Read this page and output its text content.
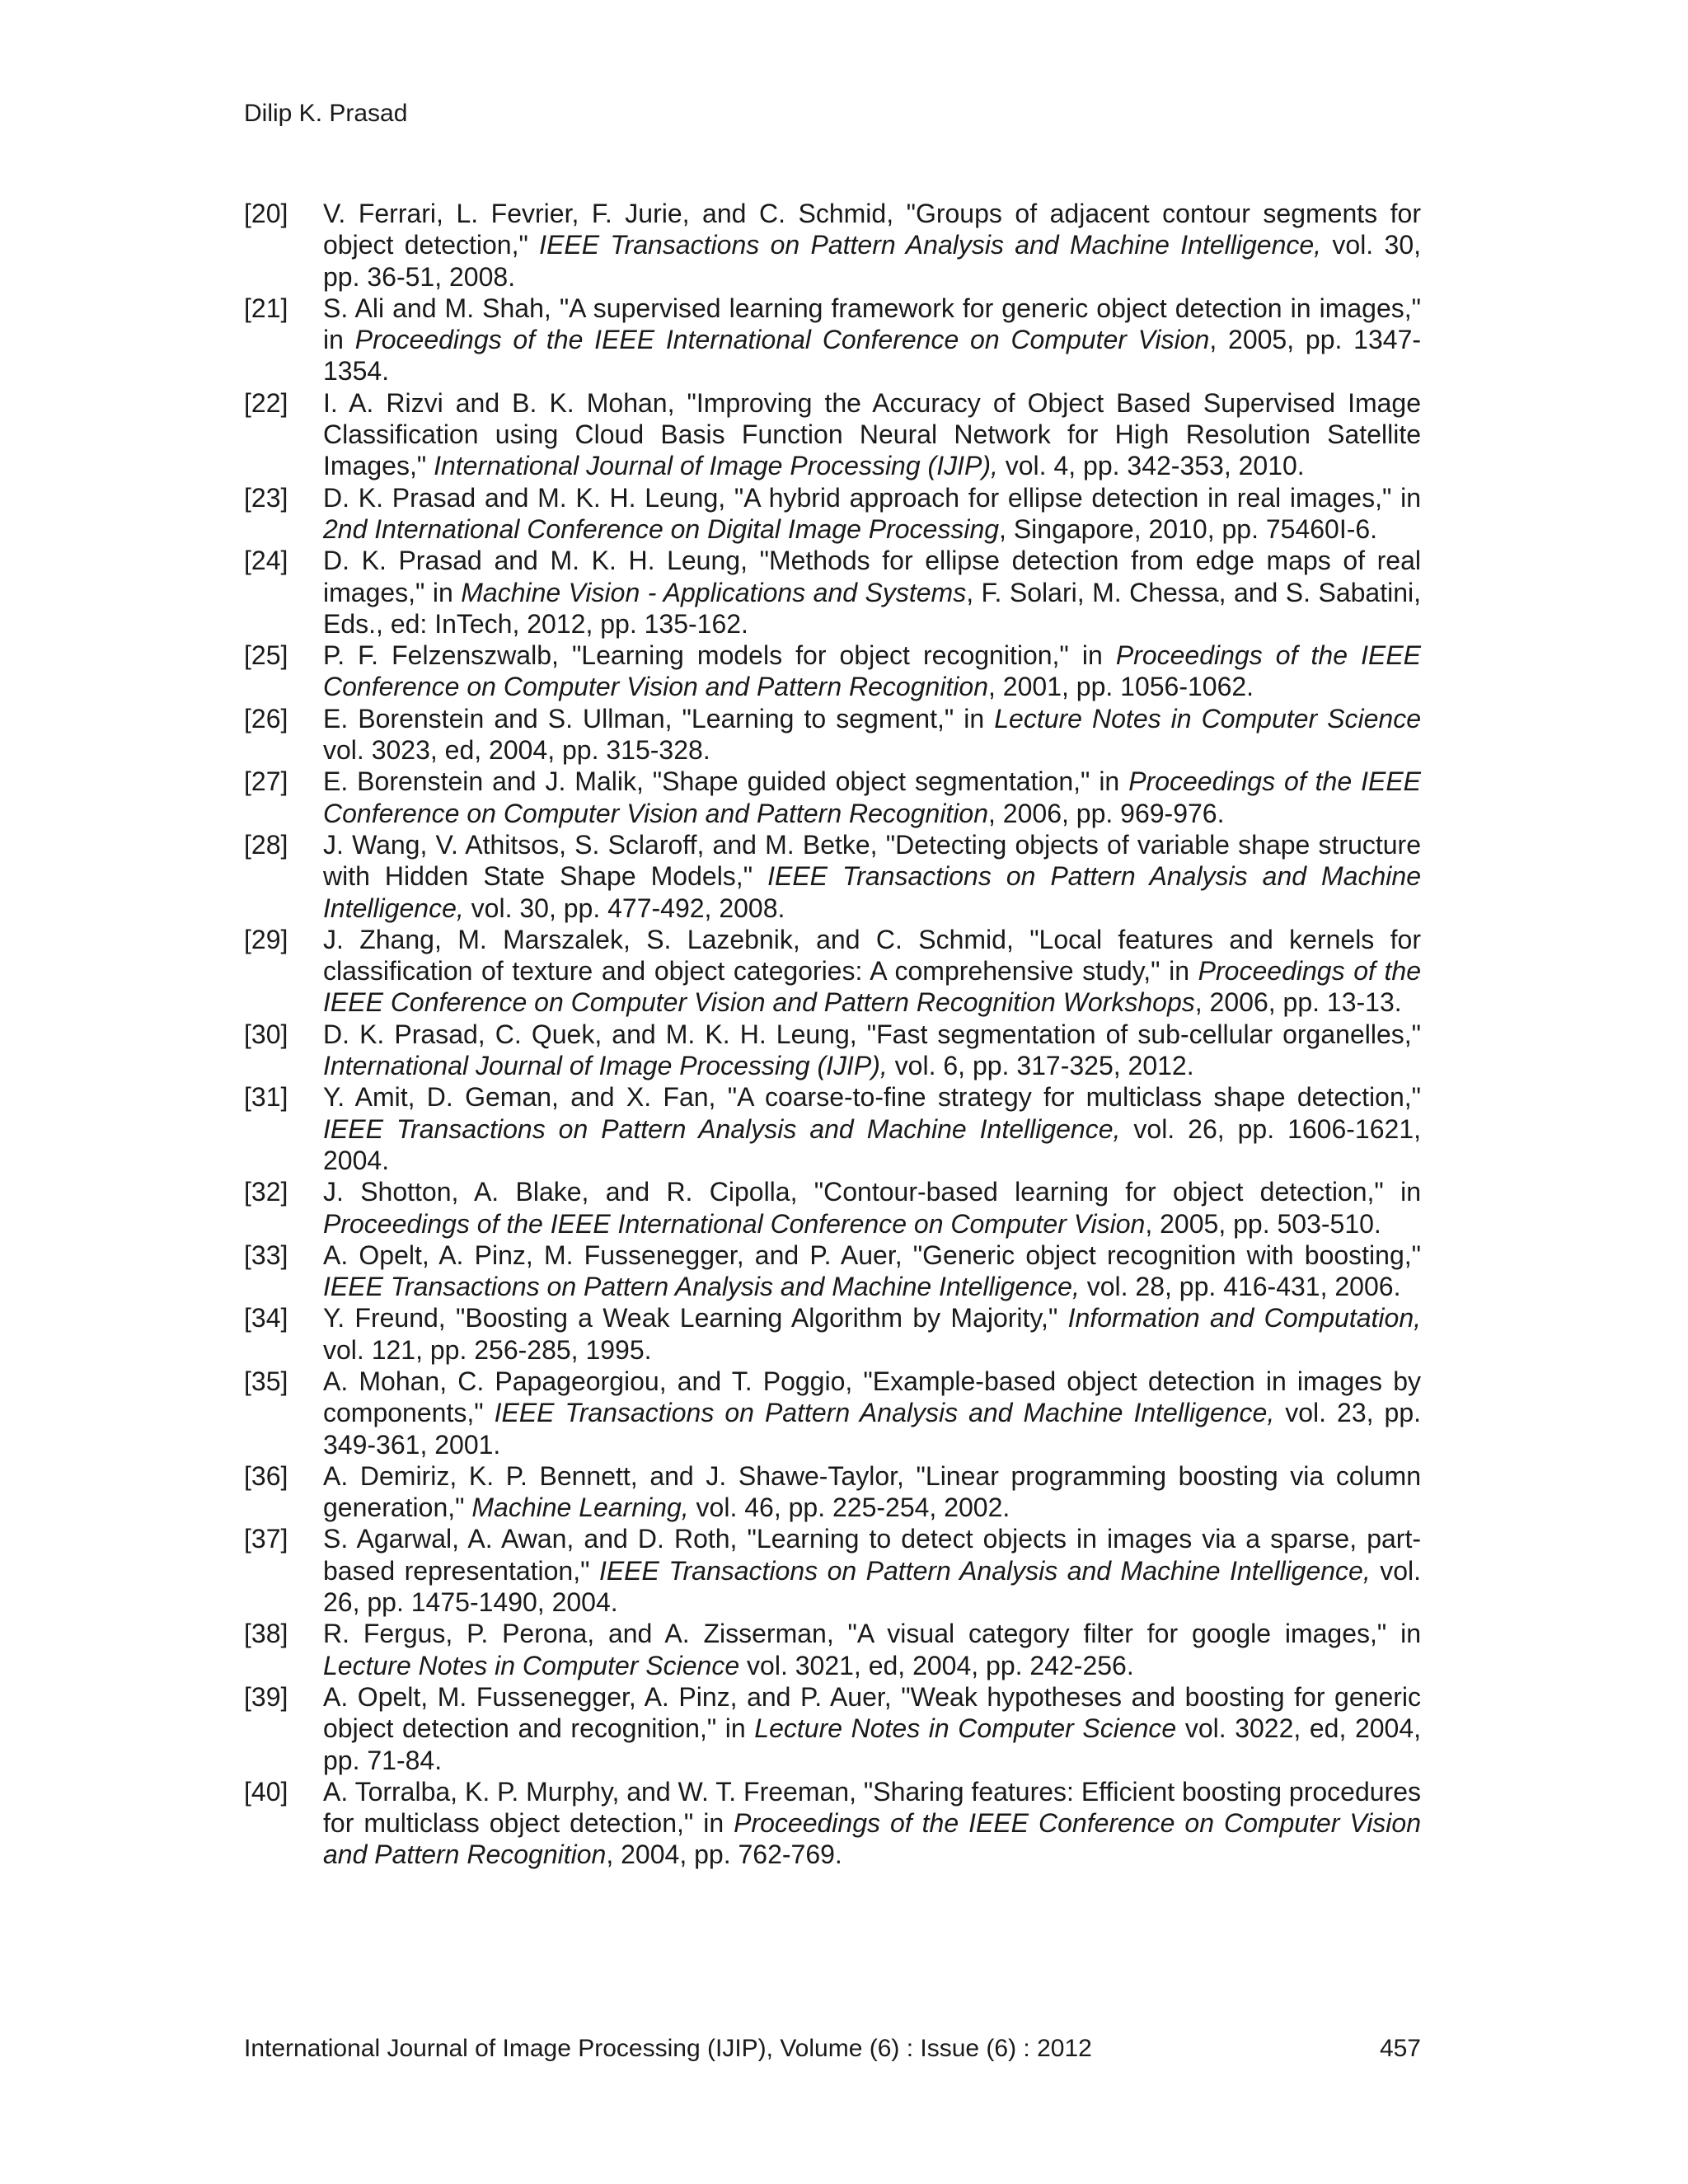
Dilip K. Prasad
[20]	V. Ferrari, L. Fevrier, F. Jurie, and C. Schmid, "Groups of adjacent contour segments for object detection," IEEE Transactions on Pattern Analysis and Machine Intelligence, vol. 30, pp. 36-51, 2008.
[21]	S. Ali and M. Shah, "A supervised learning framework for generic object detection in images," in Proceedings of the IEEE International Conference on Computer Vision, 2005, pp. 1347-1354.
[22]	I. A. Rizvi and B. K. Mohan, "Improving the Accuracy of Object Based Supervised Image Classification using Cloud Basis Function Neural Network for High Resolution Satellite Images," International Journal of Image Processing (IJIP), vol. 4, pp. 342-353, 2010.
[23]	D. K. Prasad and M. K. H. Leung, "A hybrid approach for ellipse detection in real images," in 2nd International Conference on Digital Image Processing, Singapore, 2010, pp. 75460I-6.
[24]	D. K. Prasad and M. K. H. Leung, "Methods for ellipse detection from edge maps of real images," in Machine Vision - Applications and Systems, F. Solari, M. Chessa, and S. Sabatini, Eds., ed: InTech, 2012, pp. 135-162.
[25]	P. F. Felzenszwalb, "Learning models for object recognition," in Proceedings of the IEEE Conference on Computer Vision and Pattern Recognition, 2001, pp. 1056-1062.
[26]	E. Borenstein and S. Ullman, "Learning to segment," in Lecture Notes in Computer Science vol. 3023, ed, 2004, pp. 315-328.
[27]	E. Borenstein and J. Malik, "Shape guided object segmentation," in Proceedings of the IEEE Conference on Computer Vision and Pattern Recognition, 2006, pp. 969-976.
[28]	J. Wang, V. Athitsos, S. Sclaroff, and M. Betke, "Detecting objects of variable shape structure with Hidden State Shape Models," IEEE Transactions on Pattern Analysis and Machine Intelligence, vol. 30, pp. 477-492, 2008.
[29]	J. Zhang, M. Marszalek, S. Lazebnik, and C. Schmid, "Local features and kernels for classification of texture and object categories: A comprehensive study," in Proceedings of the IEEE Conference on Computer Vision and Pattern Recognition Workshops, 2006, pp. 13-13.
[30]	D. K. Prasad, C. Quek, and M. K. H. Leung, "Fast segmentation of sub-cellular organelles," International Journal of Image Processing (IJIP), vol. 6, pp. 317-325, 2012.
[31]	Y. Amit, D. Geman, and X. Fan, "A coarse-to-fine strategy for multiclass shape detection," IEEE Transactions on Pattern Analysis and Machine Intelligence, vol. 26, pp. 1606-1621, 2004.
[32]	J. Shotton, A. Blake, and R. Cipolla, "Contour-based learning for object detection," in Proceedings of the IEEE International Conference on Computer Vision, 2005, pp. 503-510.
[33]	A. Opelt, A. Pinz, M. Fussenegger, and P. Auer, "Generic object recognition with boosting," IEEE Transactions on Pattern Analysis and Machine Intelligence, vol. 28, pp. 416-431, 2006.
[34]	Y. Freund, "Boosting a Weak Learning Algorithm by Majority," Information and Computation, vol. 121, pp. 256-285, 1995.
[35]	A. Mohan, C. Papageorgiou, and T. Poggio, "Example-based object detection in images by components," IEEE Transactions on Pattern Analysis and Machine Intelligence, vol. 23, pp. 349-361, 2001.
[36]	A. Demiriz, K. P. Bennett, and J. Shawe-Taylor, "Linear programming boosting via column generation," Machine Learning, vol. 46, pp. 225-254, 2002.
[37]	S. Agarwal, A. Awan, and D. Roth, "Learning to detect objects in images via a sparse, part-based representation," IEEE Transactions on Pattern Analysis and Machine Intelligence, vol. 26, pp. 1475-1490, 2004.
[38]	R. Fergus, P. Perona, and A. Zisserman, "A visual category filter for google images," in Lecture Notes in Computer Science vol. 3021, ed, 2004, pp. 242-256.
[39]	A. Opelt, M. Fussenegger, A. Pinz, and P. Auer, "Weak hypotheses and boosting for generic object detection and recognition," in Lecture Notes in Computer Science vol. 3022, ed, 2004, pp. 71-84.
[40]	A. Torralba, K. P. Murphy, and W. T. Freeman, "Sharing features: Efficient boosting procedures for multiclass object detection," in Proceedings of the IEEE Conference on Computer Vision and Pattern Recognition, 2004, pp. 762-769.
International Journal of Image Processing (IJIP), Volume (6) : Issue (6) : 2012	457
